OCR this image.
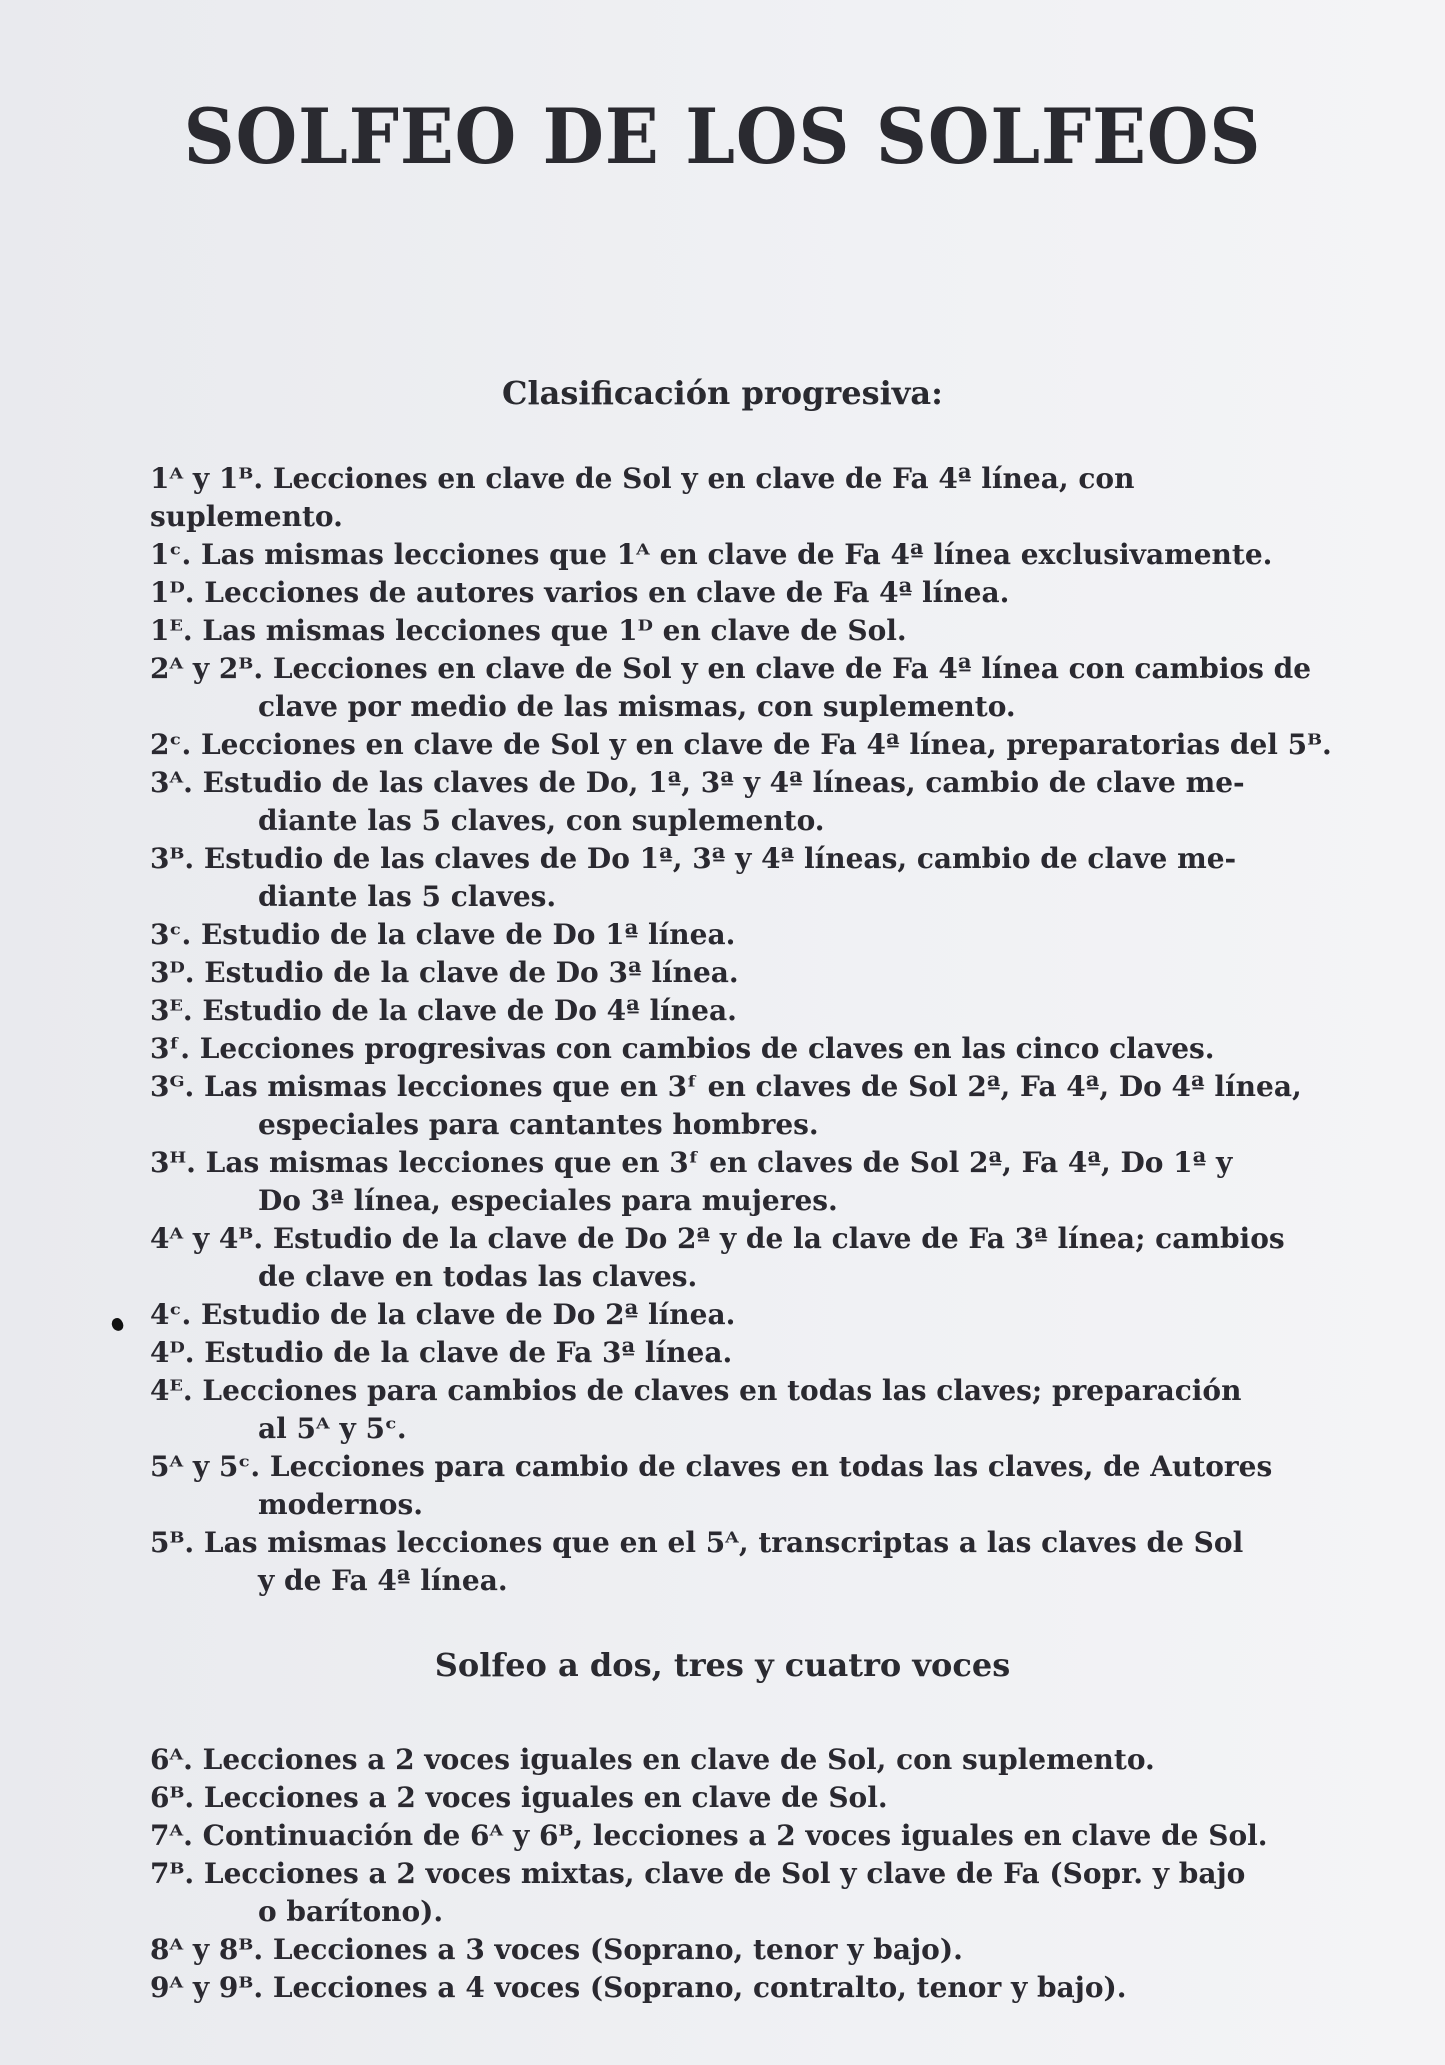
SOLFEO DE LOS SOLFEOS
Clasificación progresiva:
1ᴬ y 1ᴮ. Lecciones en clave de Sol y en clave de Fa 4ª línea, con suplemento.
1ᶜ. Las mismas lecciones que 1ᴬ en clave de Fa 4ª línea exclusivamente.
1ᴰ. Lecciones de autores varios en clave de Fa 4ª línea.
1ᴱ. Las mismas lecciones que 1ᴰ en clave de Sol.
2ᴬ y 2ᴮ. Lecciones en clave de Sol y en clave de Fa 4ª línea con cambios de
clave por medio de las mismas, con suplemento.
2ᶜ. Lecciones en clave de Sol y en clave de Fa 4ª línea, preparatorias del 5ᴮ.
3ᴬ. Estudio de las claves de Do, 1ª, 3ª y 4ª líneas, cambio de clave me-
diante las 5 claves, con suplemento.
3ᴮ. Estudio de las claves de Do 1ª, 3ª y 4ª líneas, cambio de clave me-
diante las 5 claves.
3ᶜ. Estudio de la clave de Do 1ª línea.
3ᴰ. Estudio de la clave de Do 3ª línea.
3ᴱ. Estudio de la clave de Do 4ª línea.
3ᶠ. Lecciones progresivas con cambios de claves en las cinco claves.
3ᴳ. Las mismas lecciones que en 3ᶠ en claves de Sol 2ª, Fa 4ª, Do 4ª línea,
especiales para cantantes hombres.
3ᴴ. Las mismas lecciones que en 3ᶠ en claves de Sol 2ª, Fa 4ª, Do 1ª y
Do 3ª línea, especiales para mujeres.
4ᴬ y 4ᴮ. Estudio de la clave de Do 2ª y de la clave de Fa 3ª línea; cambios
de clave en todas las claves.
4ᶜ. Estudio de la clave de Do 2ª línea.
4ᴰ. Estudio de la clave de Fa 3ª línea.
4ᴱ. Lecciones para cambios de claves en todas las claves; preparación
al 5ᴬ y 5ᶜ.
5ᴬ y 5ᶜ. Lecciones para cambio de claves en todas las claves, de Autores
modernos.
5ᴮ. Las mismas lecciones que en el 5ᴬ, transcriptas a las claves de Sol
y de Fa 4ª línea.
Solfeo a dos, tres y cuatro voces
6ᴬ. Lecciones a 2 voces iguales en clave de Sol, con suplemento.
6ᴮ. Lecciones a 2 voces iguales en clave de Sol.
7ᴬ. Continuación de 6ᴬ y 6ᴮ, lecciones a 2 voces iguales en clave de Sol.
7ᴮ. Lecciones a 2 voces mixtas, clave de Sol y clave de Fa (Sopr. y bajo
o barítono).
8ᴬ y 8ᴮ. Lecciones a 3 voces (Soprano, tenor y bajo).
9ᴬ y 9ᴮ. Lecciones a 4 voces (Soprano, contralto, tenor y bajo).
